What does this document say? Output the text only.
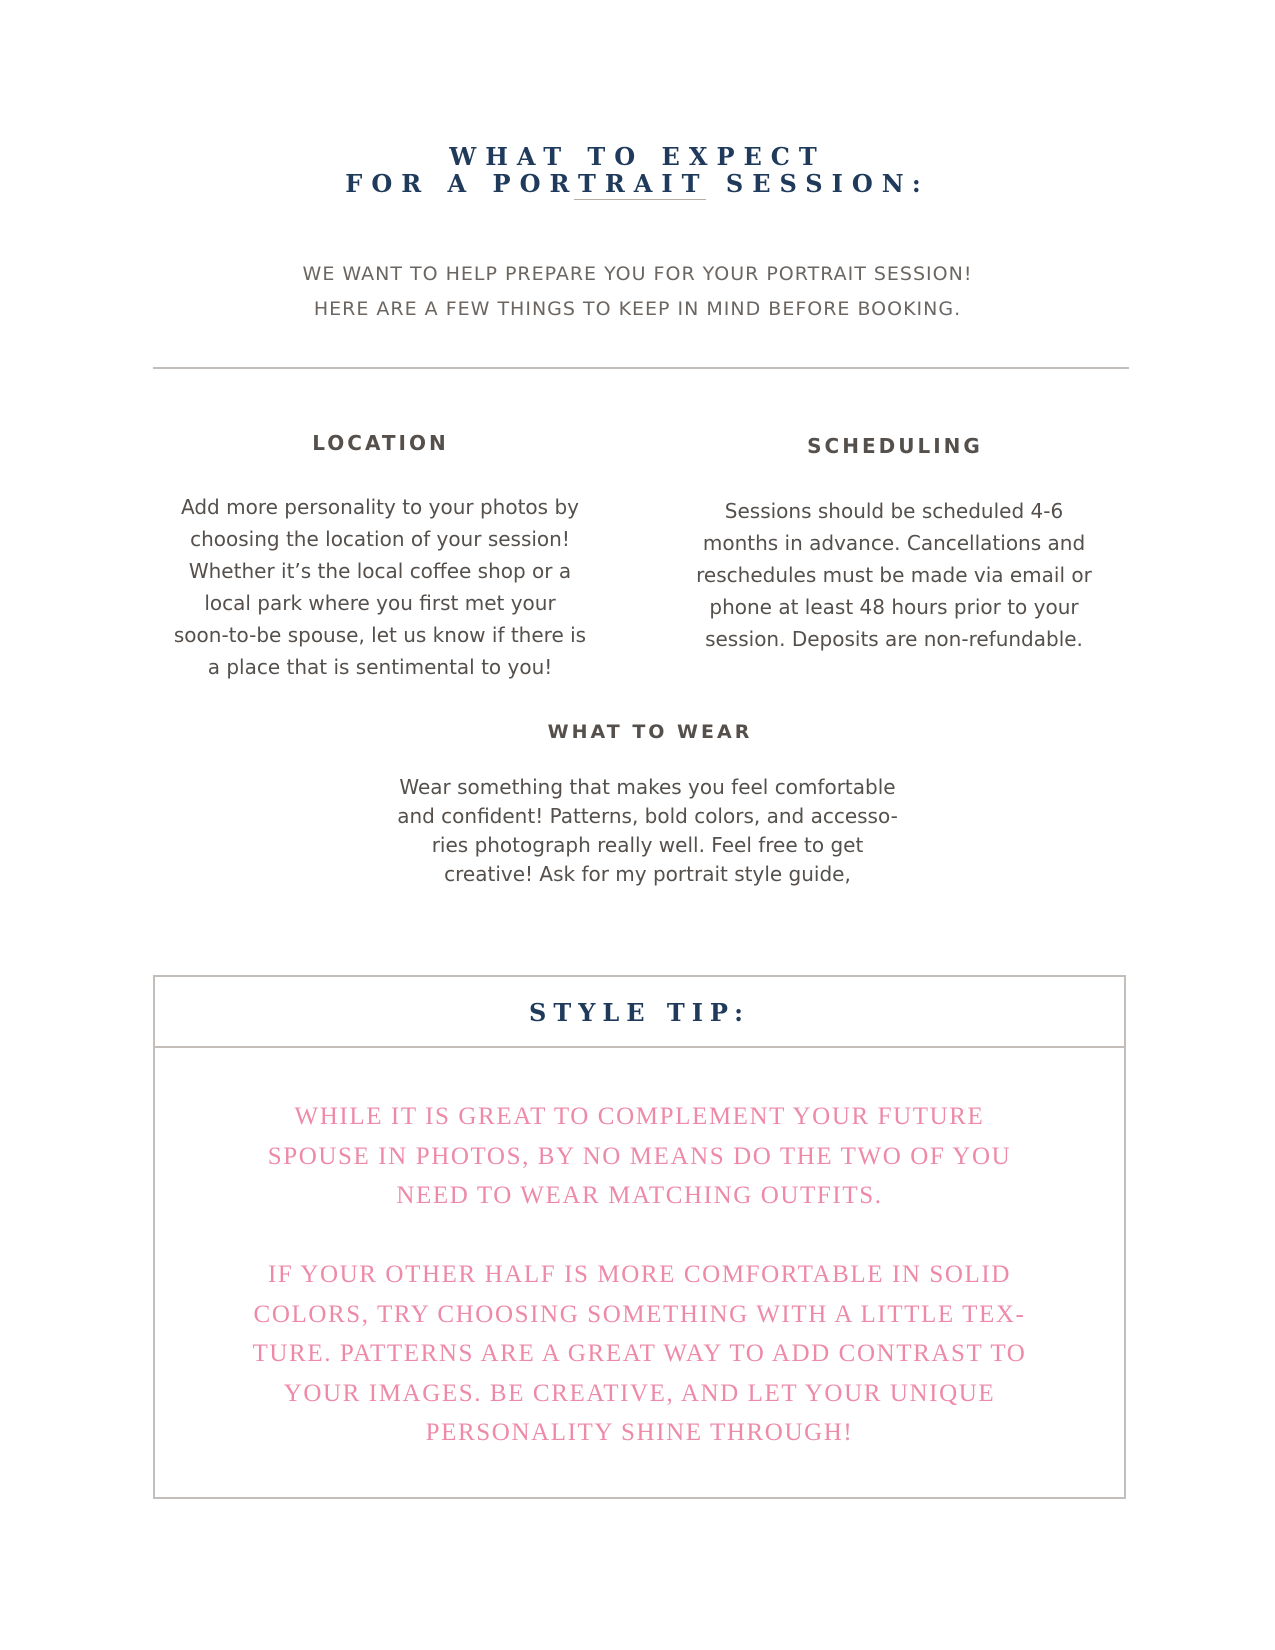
WHAT TO EXPECT
FOR A PORTRAIT SESSION:

WE WANT TO HELP PREPARE YOU FOR YOUR PORTRAIT SESSION!

HERE ARE A FEW THINGS TO KEEP IN MIND BEFORE BOOKING.

LOCATION

Add more personality to your photos by
choosing the location of your session!
Whether it’s the local coffee shop or a
local park where you first met your
soon-to-be spouse, let us know if there is
a place that is sentimental to you!

SCHEDULING

Sessions should be scheduled 4-6
months in advance. Cancellations and
reschedules must be made via email or
phone at least 48 hours prior to your
session. Deposits are non-refundable.

WHAT TO WEAR

Wear something that makes you feel comfortable
and confident! Patterns, bold colors, and accesso-
ries photograph really well. Feel free to get
creative! Ask for my portrait style guide,

STYLE TIP:

WHILE IT IS GREAT TO COMPLEMENT YOUR FUTURE
SPOUSE IN PHOTOS, BY NO MEANS DO THE TWO OF YOU
NEED TO WEAR MATCHING OUTFITS.

IF YOUR OTHER HALF IS MORE COMFORTABLE IN SOLID
COLORS, TRY CHOOSING SOMETHING WITH A LITTLE TEX-
TURE. PATTERNS ARE A GREAT WAY TO ADD CONTRAST TO
YOUR IMAGES. BE CREATIVE, AND LET YOUR UNIQUE
PERSONALITY SHINE THROUGH!
